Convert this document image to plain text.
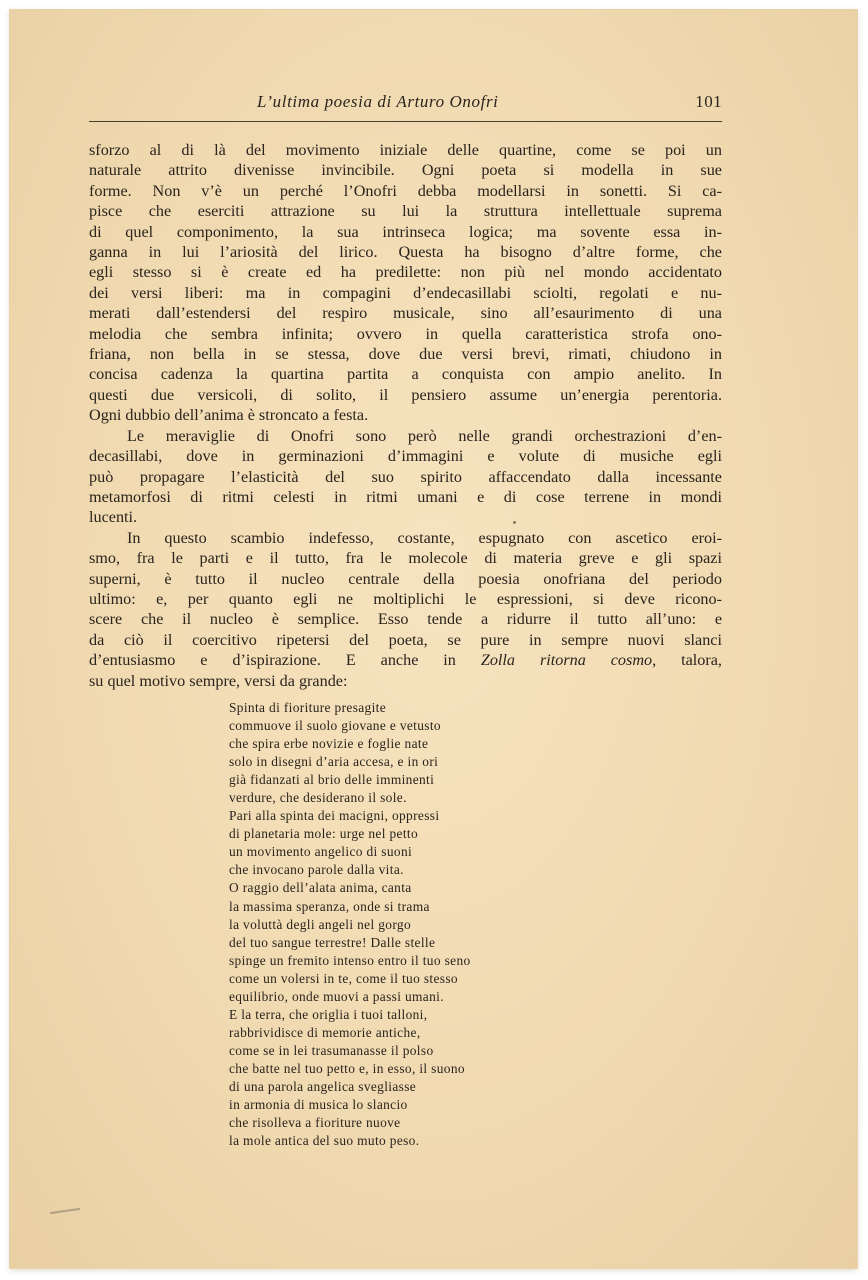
L’ultima poesia di Arturo Onofri	101
sforzo al di là del movimento iniziale delle quartine, come se poi un
naturale attrito divenisse invincibile. Ogni poeta si modella in sue
forme. Non v’è un perché l’Onofri debba modellarsi in sonetti. Si ca-
pisce che eserciti attrazione su lui la struttura intellettuale suprema
di quel componimento, la sua intrinseca logica; ma sovente essa in-
ganna in lui l’ariosità del lirico. Questa ha bisogno d’altre forme, che
egli stesso si è create ed ha predilette: non più nel mondo accidentato
dei versi liberi: ma in compagini d’endecasillabi sciolti, regolati e nu-
merati dall’estendersi del respiro musicale, sino all’esaurimento di una
melodia che sembra infinita; ovvero in quella caratteristica strofa ono-
friana, non bella in se stessa, dove due versi brevi, rimati, chiudono in
concisa cadenza la quartina partita a conquista con ampio anelito. In
questi due versicoli, di solito, il pensiero assume un’energia perentoria.
Ogni dubbio dell’anima è stroncato a festa.
Le meraviglie di Onofri sono però nelle grandi orchestrazioni d’en-
decasillabi, dove in germinazioni d’immagini e volute di musiche egli
può propagare l’elasticità del suo spirito affaccendato dalla incessante
metamorfosi di ritmi celesti in ritmi umani e di cose terrene in mondi
lucenti.
In questo scambio indefesso, costante, espugnato con ascetico eroi-
smo, fra le parti e il tutto, fra le molecole di materia greve e gli spazi
superni, è tutto il nucleo centrale della poesia onofriana del periodo
ultimo: e, per quanto egli ne moltiplichi le espressioni, si deve ricono-
scere che il nucleo è semplice. Esso tende a ridurre il tutto all’uno: e
da ciò il coercitivo ripetersi del poeta, se pure in sempre nuovi slanci
d’entusiasmo e d’ispirazione. E anche in Zolla ritorna cosmo, talora,
su quel motivo sempre, versi da grande:
Spinta di fioriture presagite
commuove il suolo giovane e vetusto
che spira erbe novizie e foglie nate
solo in disegni d’aria accesa, e in ori
già fidanzati al brio delle imminenti
verdure, che desiderano il sole.
Pari alla spinta dei macigni, oppressi
di planetaria mole: urge nel petto
un movimento angelico di suoni
che invocano parole dalla vita.
O raggio dell’alata anima, canta
la massima speranza, onde si trama
la voluttà degli angeli nel gorgo
del tuo sangue terrestre! Dalle stelle
spinge un fremito intenso entro il tuo seno
come un volersi in te, come il tuo stesso
equilibrio, onde muovi a passi umani.
E la terra, che origlia i tuoi talloni,
rabbrividisce di memorie antiche,
come se in lei trasumanasse il polso
che batte nel tuo petto e, in esso, il suono
di una parola angelica svegliasse
in armonia di musica lo slancio
che risolleva a fioriture nuove
la mole antica del suo muto peso.
